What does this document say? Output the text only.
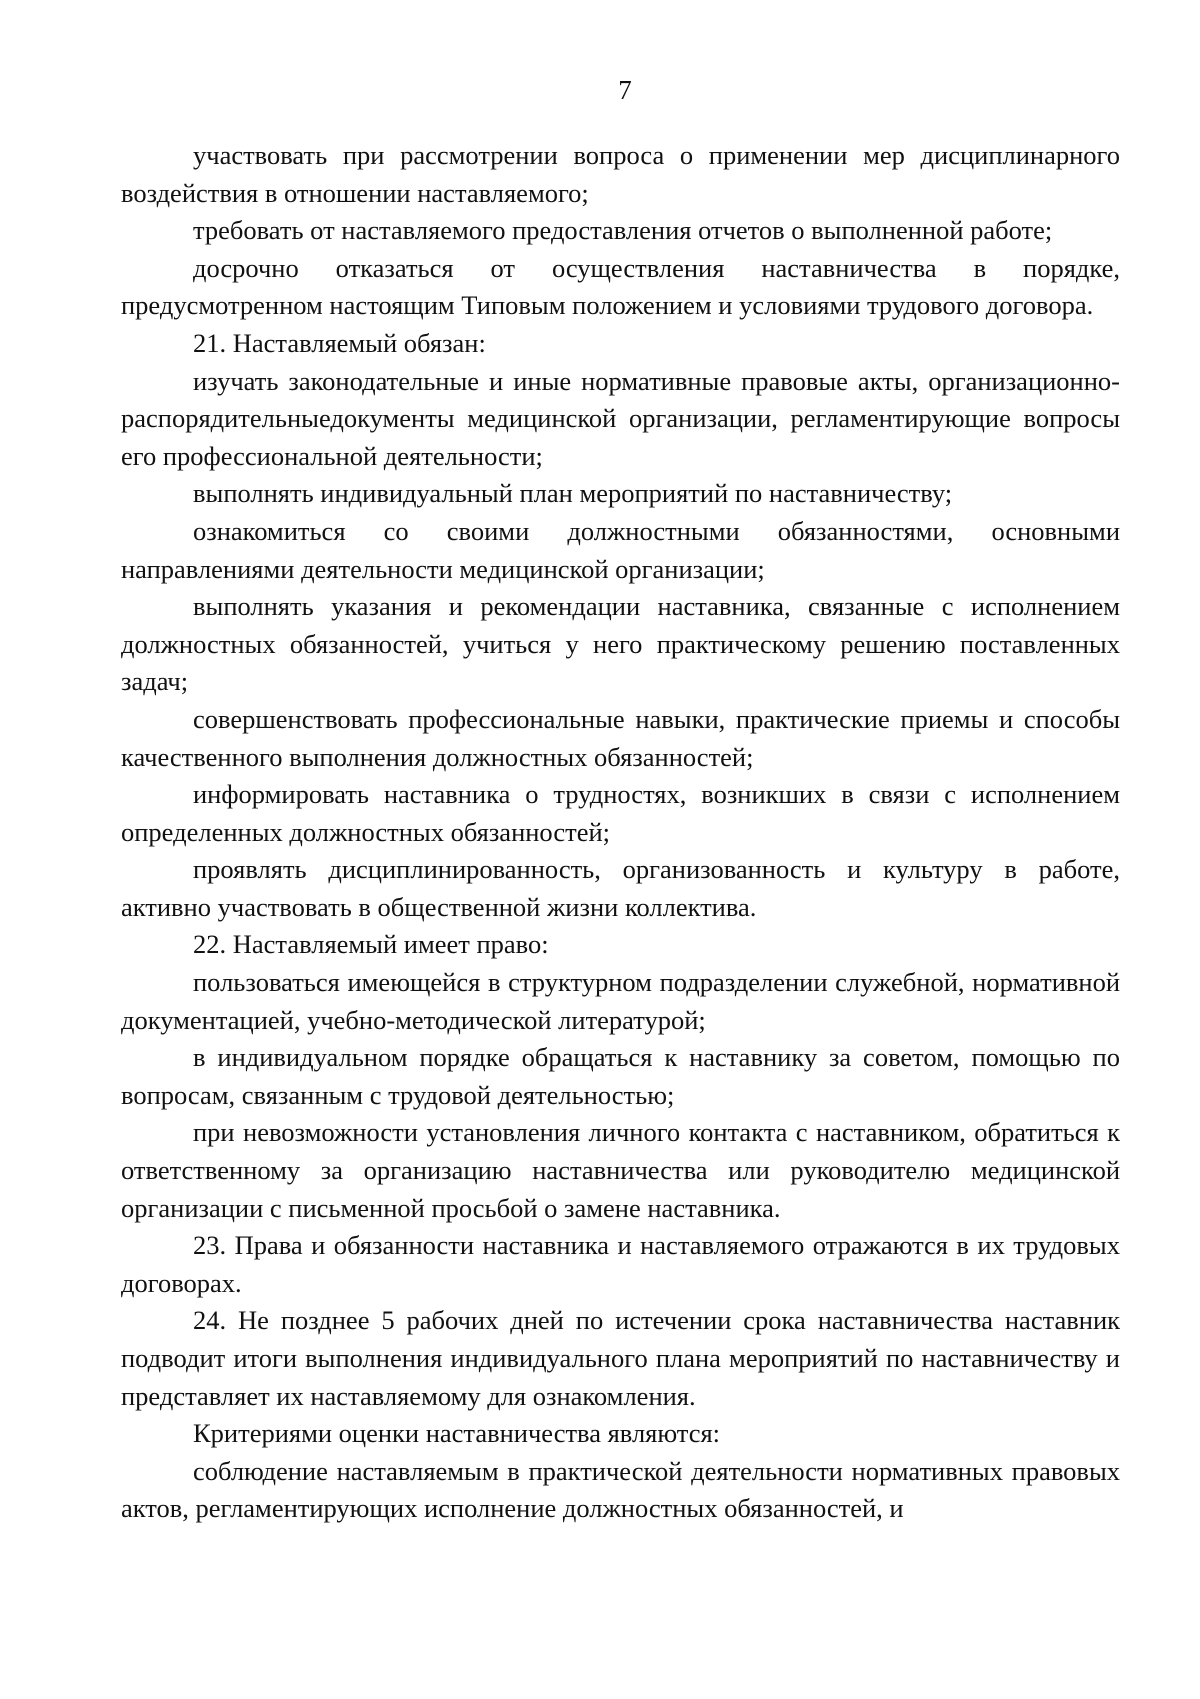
7

участвовать при рассмотрении вопроса о применении мер дисциплинарного воздействия в отношении наставляемого;

требовать от наставляемого предоставления отчетов о выполненной работе;

досрочно отказаться от осуществления наставничества в порядке, предусмотренном настоящим Типовым положением и условиями трудового договора.

21. Наставляемый обязан:

изучать законодательные и иные нормативные правовые акты, организационно-распорядительныедокументы медицинской организации, регламентирующие вопросы его профессиональной деятельности;

выполнять индивидуальный план мероприятий по наставничеству;

ознакомиться со своими должностными обязанностями, основными направлениями деятельности медицинской организации;

выполнять указания и рекомендации наставника, связанные с исполнением должностных обязанностей, учиться у него практическому решению поставленных задач;

совершенствовать профессиональные навыки, практические приемы и способы качественного выполнения должностных обязанностей;

информировать наставника о трудностях, возникших в связи с исполнением определенных должностных обязанностей;

проявлять дисциплинированность, организованность и культуру в работе, активно участвовать в общественной жизни коллектива.

22. Наставляемый имеет право:

пользоваться имеющейся в структурном подразделении служебной, нормативной документацией, учебно-методической литературой;

в индивидуальном порядке обращаться к наставнику за советом, помощью по вопросам, связанным с трудовой деятельностью;

при невозможности установления личного контакта с наставником, обратиться к ответственному за организацию наставничества или руководителю медицинской организации с письменной просьбой о замене наставника.

23. Права и обязанности наставника и наставляемого отражаются в их трудовых договорах.

24. Не позднее 5 рабочих дней по истечении срока наставничества наставник подводит итоги выполнения индивидуального плана мероприятий по наставничеству и представляет их наставляемому для ознакомления.

Критериями оценки наставничества являются:

соблюдение наставляемым в практической деятельности нормативных правовых актов, регламентирующих исполнение должностных обязанностей, и
